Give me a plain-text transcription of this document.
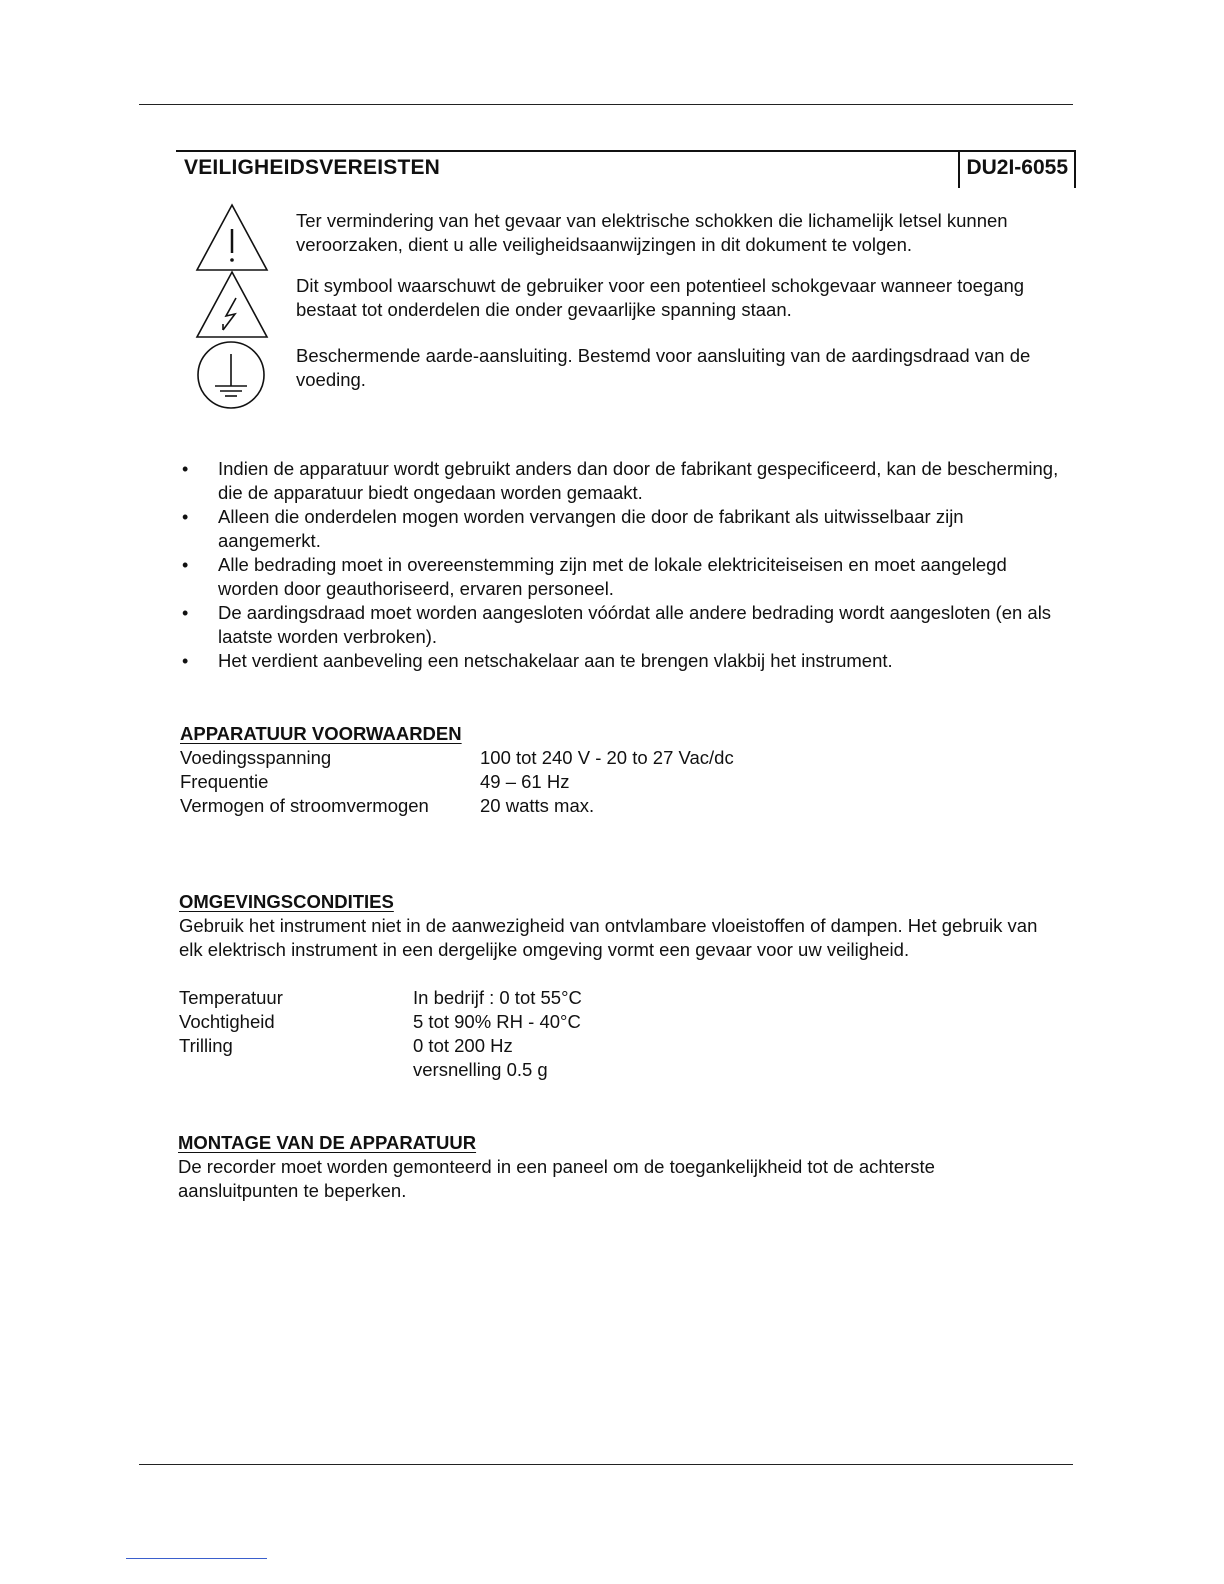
VEILIGHEIDSVEREISTEN	DU2I-6055
Ter vermindering van het gevaar van elektrische schokken die lichamelijk letsel kunnen veroorzaken, dient u alle veiligheidsaanwijzingen in dit dokument te volgen.
Dit symbool waarschuwt de gebruiker voor een potentieel schokgevaar wanneer toegang bestaat tot onderdelen die onder gevaarlijke spanning staan.
Beschermende aarde-aansluiting. Bestemd voor aansluiting van de aardingsdraad van de voeding.
• Indien de apparatuur wordt gebruikt anders dan door de fabrikant gespecificeerd, kan de bescherming, die de apparatuur biedt ongedaan worden gemaakt.
• Alleen die onderdelen mogen worden vervangen die door de fabrikant als uitwisselbaar zijn aangemerkt.
• Alle bedrading moet in overeenstemming zijn met de lokale elektriciteiseisen en moet aangelegd worden door geauthoriseerd, ervaren personeel.
• De aardingsdraad moet worden aangesloten vóórdat alle andere bedrading wordt aangesloten (en als laatste worden verbroken).
• Het verdient aanbeveling een netschakelaar aan te brengen vlakbij het instrument.
APPARATUUR VOORWAARDEN
Voedingsspanning	100 tot 240 V - 20 to 27 Vac/dc
Frequentie	49 – 61 Hz
Vermogen of stroomvermogen	20 watts max.
OMGEVINGSCONDITIES
Gebruik het instrument niet in de aanwezigheid van ontvlambare vloeistoffen of dampen. Het gebruik van elk elektrisch instrument in een dergelijke omgeving vormt een gevaar voor uw veiligheid.
Temperatuur	In bedrijf : 0 tot 55°C
Vochtigheid	5 tot 90% RH - 40°C
Trilling	0 tot 200 Hz
versnelling 0.5 g
MONTAGE VAN DE APPARATUUR
De recorder moet worden gemonteerd in een paneel om de toegankelijkheid tot de achterste aansluitpunten te beperken.
